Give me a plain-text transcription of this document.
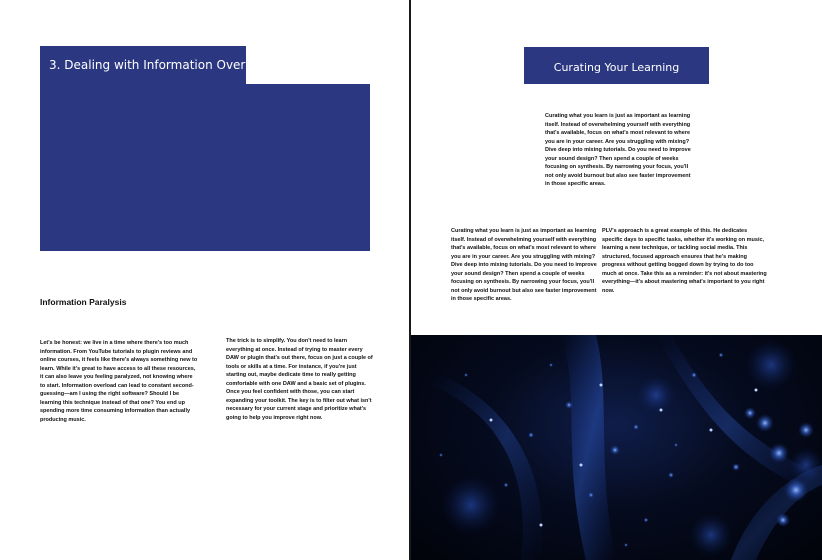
3. Dealing with Information Overload
Information Paralysis
Let's be honest: we live in a time where there's too much information. From YouTube tutorials to plugin reviews and online courses, it feels like there's always something new to learn. While it's great to have access to all these resources, it can also leave you feeling paralyzed, not knowing where to start. Information overload can lead to constant second-guessing—am I using the right software? Should I be learning this technique instead of that one? You end up spending more time consuming information than actually producing music.
The trick is to simplify. You don't need to learn everything at once. Instead of trying to master every DAW or plugin that's out there, focus on just a couple of tools or skills at a time. For instance, if you're just starting out, maybe dedicate time to really getting comfortable with one DAW and a basic set of plugins. Once you feel confident with those, you can start expanding your toolkit. The key is to filter out what isn't necessary for your current stage and prioritize what's going to help you improve right now.
Curating Your Learning
Curating what you learn is just as important as learning itself. Instead of overwhelming yourself with everything that's available, focus on what's most relevant to where you are in your career. Are you struggling with mixing? Dive deep into mixing tutorials. Do you need to improve your sound design? Then spend a couple of weeks focusing on synthesis. By narrowing your focus, you'll not only avoid burnout but also see faster improvement in those specific areas.
Curating what you learn is just as important as learning itself. Instead of overwhelming yourself with everything that's available, focus on what's most relevant to where you are in your career. Are you struggling with mixing? Dive deep into mixing tutorials. Do you need to improve your sound design? Then spend a couple of weeks focusing on synthesis. By narrowing your focus, you'll not only avoid burnout but also see faster improvement in those specific areas.
PLV's approach is a great example of this. He dedicates specific days to specific tasks, whether it's working on music, learning a new technique, or tackling social media. This structured, focused approach ensures that he's making progress without getting bogged down by trying to do too much at once. Take this as a reminder: it's not about mastering everything—it's about mastering what's important to you right now.
